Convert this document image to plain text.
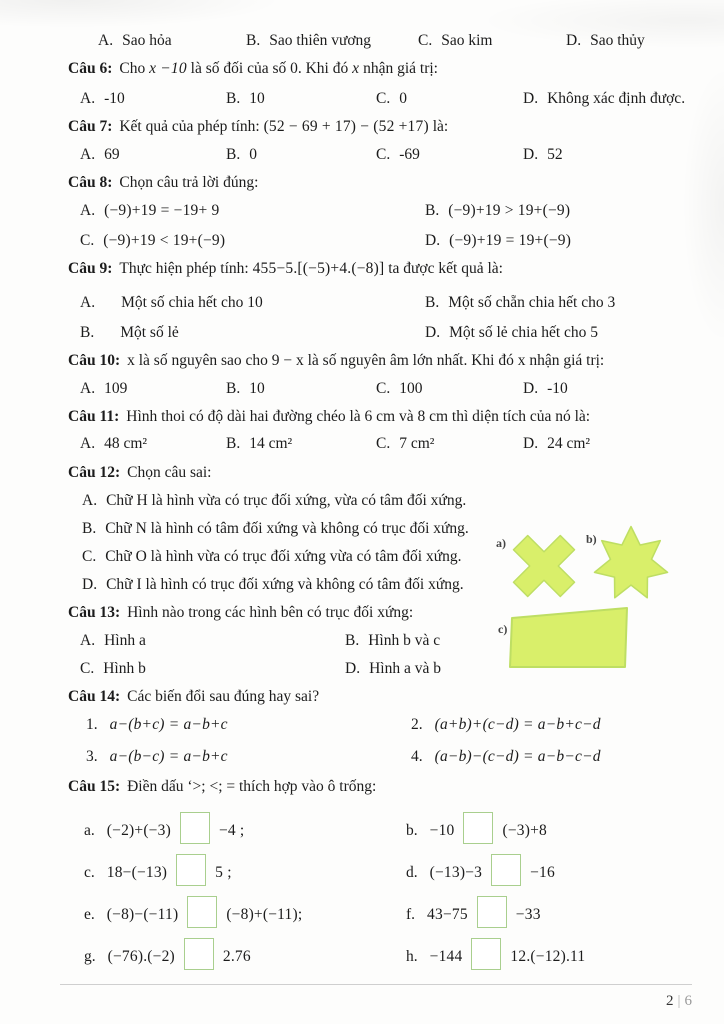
A. Sao hỏa	B. Sao thiên vương	C. Sao kim	D. Sao thủy
Câu 6: Cho x −10 là số đối của số 0. Khi đó x nhận giá trị:
A. -10	B. 10	C. 0	D. Không xác định được.
Câu 7: Kết quả của phép tính: (52 − 69 + 17) − (52 +17) là:
A. 69	B. 0	C. -69	D. 52
Câu 8: Chọn câu trả lời đúng:
A. (−9)+19 = −19+ 9	B. (−9)+19 > 19+(−9)
C. (−9)+19 < 19+(−9)	D. (−9)+19 = 19+(−9)
Câu 9: Thực hiện phép tính: 455−5.[(−5)+4.(−8)] ta được kết quả là:
A. Một số chia hết cho 10	B. Một số chẵn chia hết cho 3
B. Một số lẻ	D. Một số lẻ chia hết cho 5
Câu 10: x là số nguyên sao cho 9 − x là số nguyên âm lớn nhất. Khi đó x nhận giá trị:
A. 109	B. 10	C. 100	D. -10
Câu 11: Hình thoi có độ dài hai đường chéo là 6 cm và 8 cm thì diện tích của nó là:
A. 48 cm²	B. 14 cm²	C. 7 cm²	D. 24 cm²
Câu 12: Chọn câu sai:
A. Chữ H là hình vừa có trục đối xứng, vừa có tâm đối xứng.
B. Chữ N là hình có tâm đối xứng và không có trục đối xứng.
C. Chữ O là hình vừa có trục đối xứng vừa có tâm đối xứng.
D. Chữ I là hình có trục đối xứng và không có tâm đối xứng.
Câu 13: Hình nào trong các hình bên có trục đối xứng:
A. Hình a	B. Hình b và c
C. Hình b	D. Hình a và b
a)	b)
c)
Câu 14: Các biến đổi sau đúng hay sai?
1. a−(b+c) = a−b+c	2. (a+b)+(c−d) = a−b+c−d
3. a−(b−c) = a−b+c	4. (a−b)−(c−d) = a−b−c−d
Câu 15: Điền dấu ‘>; <; = thích hợp vào ô trống:
a. (−2)+(−3)	−4 ;	b. −10	(−3)+8
c. 18−(−13)	5 ;	d. (−13)−3	−16
e. (−8)−(−11)	(−8)+(−11);	f. 43−75	−33
g. (−76).(−2)	2.76	h. −144	12.(−12).11
2 | 6
